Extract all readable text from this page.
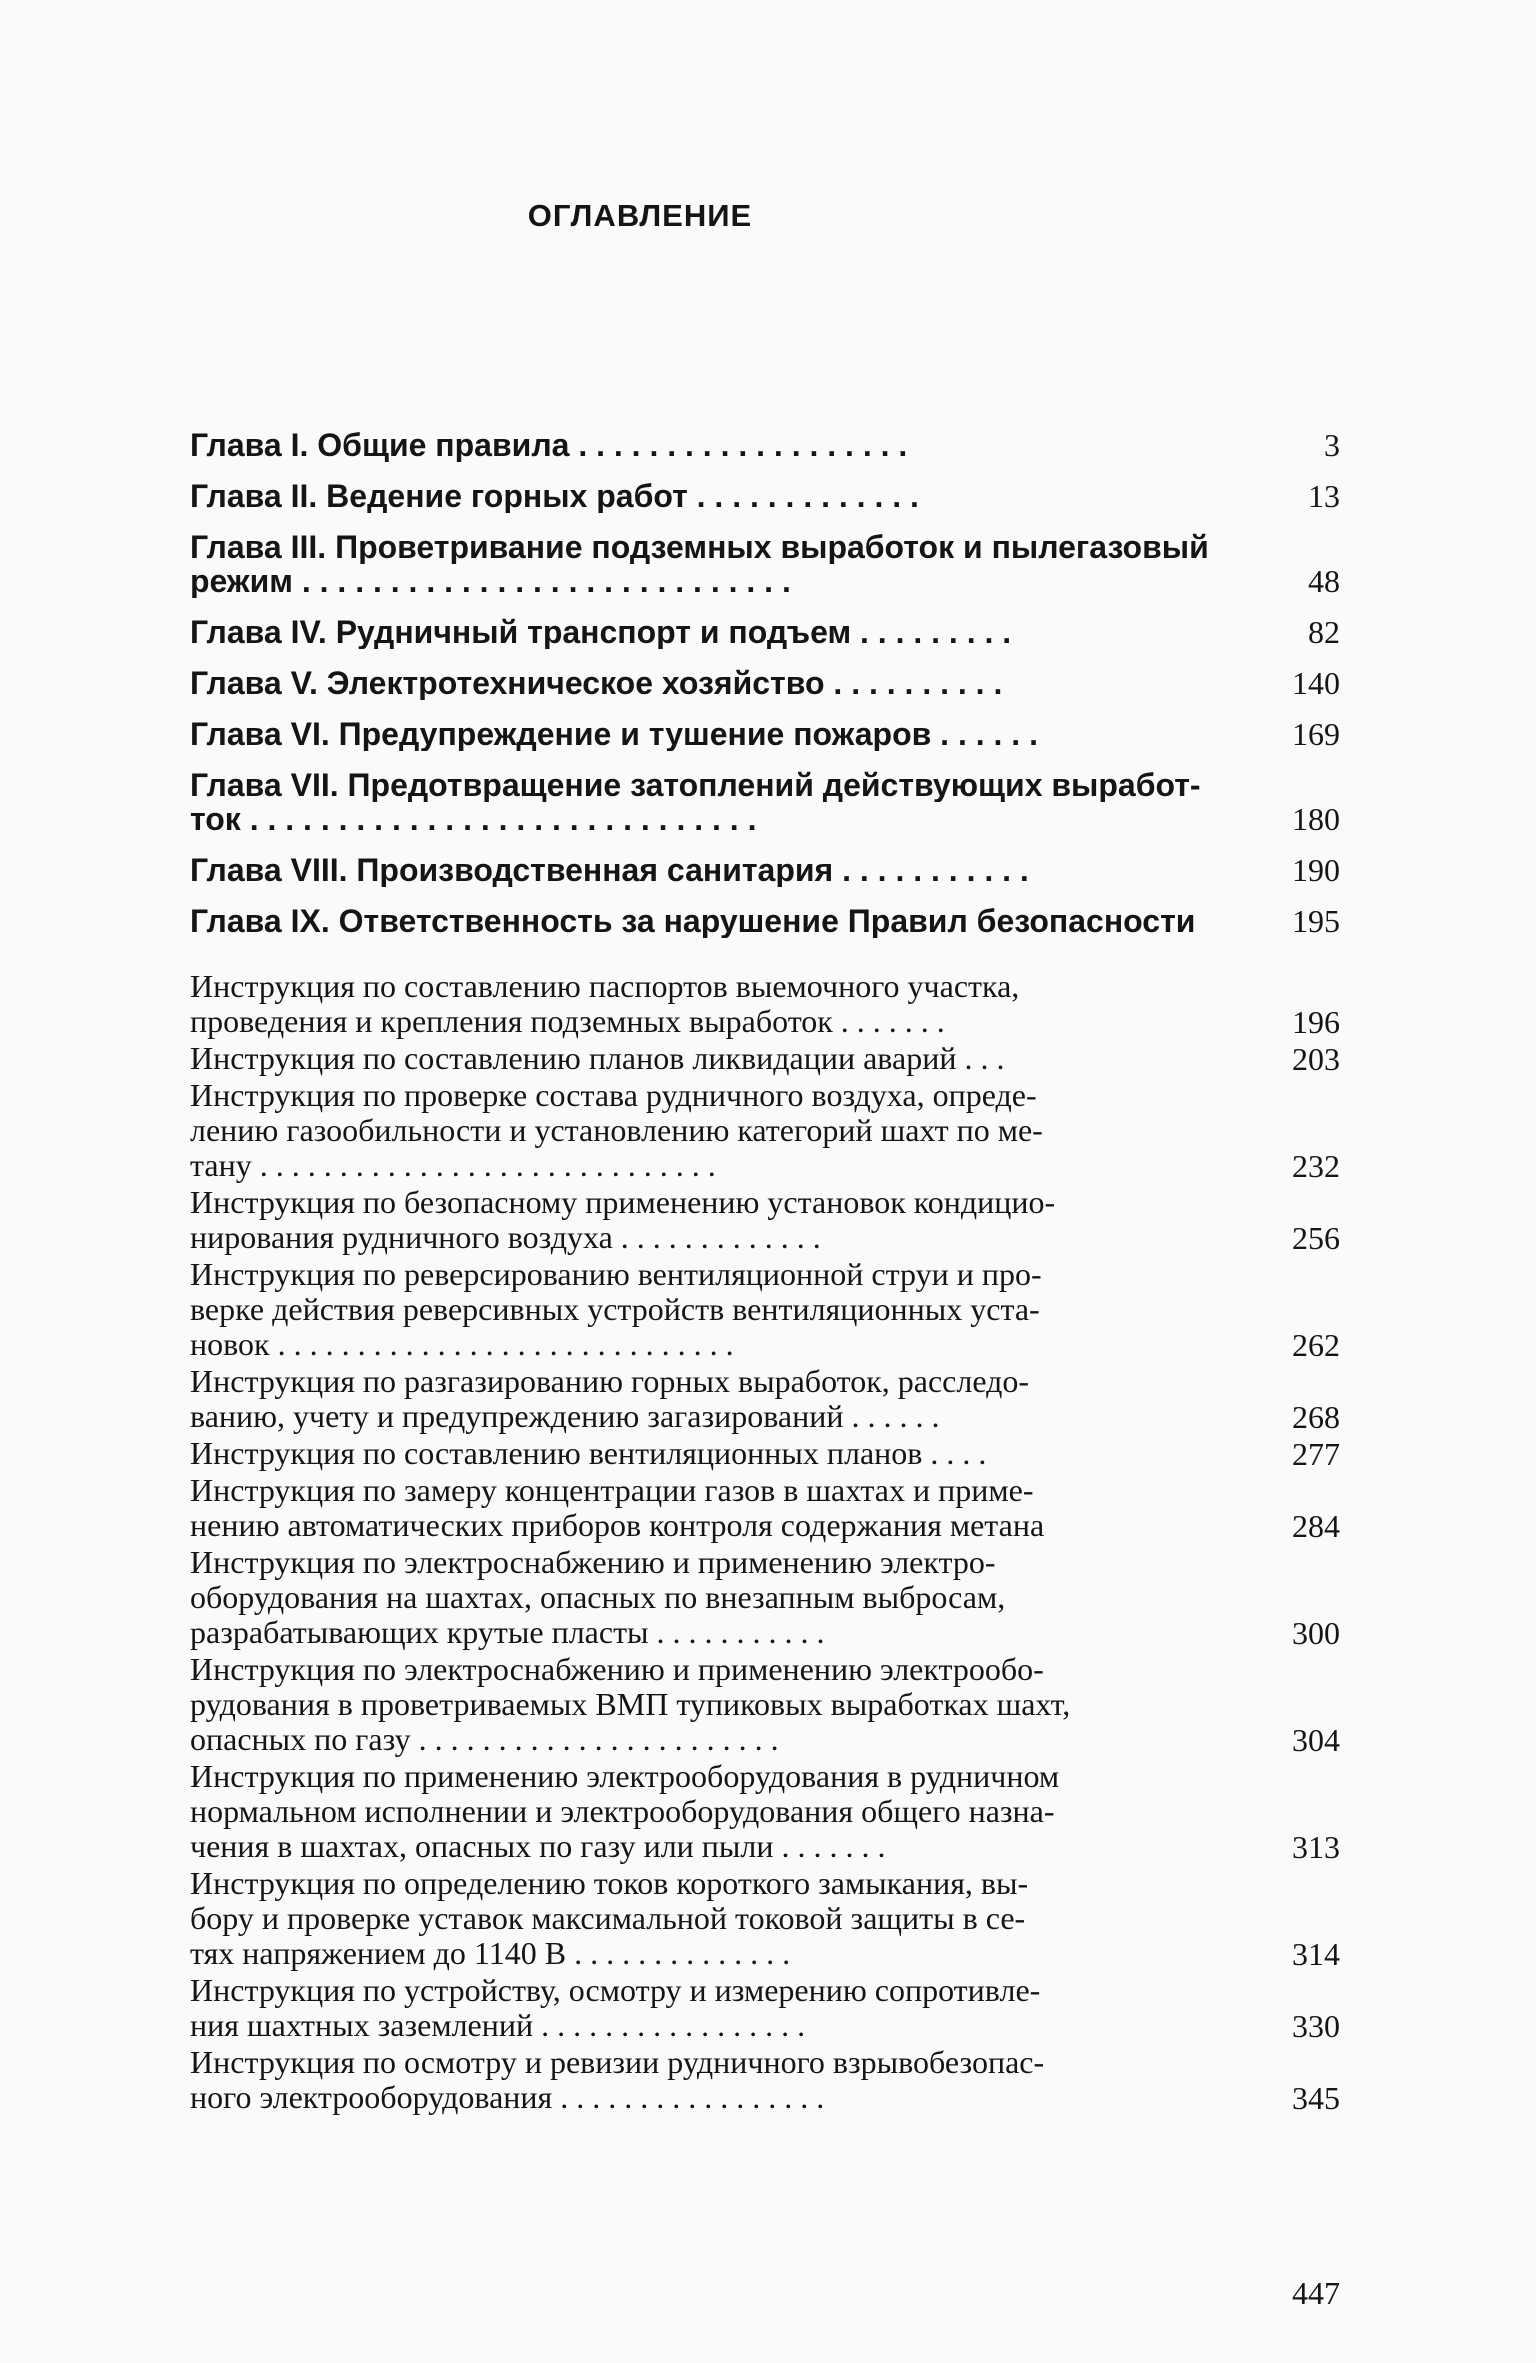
ОГЛАВЛЕНИЕ
Глава I. Общие правила . . . . . . . . . . . . . . . . . . .	3
Глава II. Ведение горных работ . . . . . . . . . . . . .	13
Глава III. Проветривание подземных выработок и пылегазовый
режим . . . . . . . . . . . . . . . . . . . . . . . . . . . .	48
Глава IV. Рудничный транспорт и подъем . . . . . . . . .	82
Глава V. Электротехническое хозяйство . . . . . . . . . .	140
Глава VI. Предупреждение и тушение пожаров . . . . . .	169
Глава VII. Предотвращение затоплений действующих выработ-
ток . . . . . . . . . . . . . . . . . . . . . . . . . . . . .	180
Глава VIII. Производственная санитария . . . . . . . . . . .	190
Глава IX. Ответственность за нарушение Правил безопасности	195
Инструкция по составлению паспортов выемочного участка,
проведения и крепления подземных выработок . . . . . . .	196
Инструкция по составлению планов ликвидации аварий . . .	203
Инструкция по проверке состава рудничного воздуха, опреде-
лению газообильности и установлению категорий шахт по ме-
тану . . . . . . . . . . . . . . . . . . . . . . . . . . . . .	232
Инструкция по безопасному применению установок кондицио-
нирования рудничного воздуха . . . . . . . . . . . . .	256
Инструкция по реверсированию вентиляционной струи и про-
верке действия реверсивных устройств вентиляционных уста-
новок . . . . . . . . . . . . . . . . . . . . . . . . . . . . .	262
Инструкция по разгазированию горных выработок, расследо-
ванию, учету и предупреждению загазирований . . . . . .	268
Инструкция по составлению вентиляционных планов . . . .	277
Инструкция по замеру концентрации газов в шахтах и приме-
нению автоматических приборов контроля содержания метана	284
Инструкция по электроснабжению и применению электро-
оборудования на шахтах, опасных по внезапным выбросам,
разрабатывающих крутые пласты . . . . . . . . . . .	300
Инструкция по электроснабжению и применению электрообо-
рудования в проветриваемых ВМП тупиковых выработках шахт,
опасных по газу . . . . . . . . . . . . . . . . . . . . . . .	304
Инструкция по применению электрооборудования в рудничном
нормальном исполнении и электрооборудования общего назна-
чения в шахтах, опасных по газу или пыли . . . . . . .	313
Инструкция по определению токов короткого замыкания, вы-
бору и проверке уставок максимальной токовой защиты в се-
тях напряжением до 1140 В . . . . . . . . . . . . . .	314
Инструкция по устройству, осмотру и измерению сопротивле-
ния шахтных заземлений . . . . . . . . . . . . . . . . .	330
Инструкция по осмотру и ревизии рудничного взрывобезопас-
ного электрооборудования . . . . . . . . . . . . . . . . .	345
447
